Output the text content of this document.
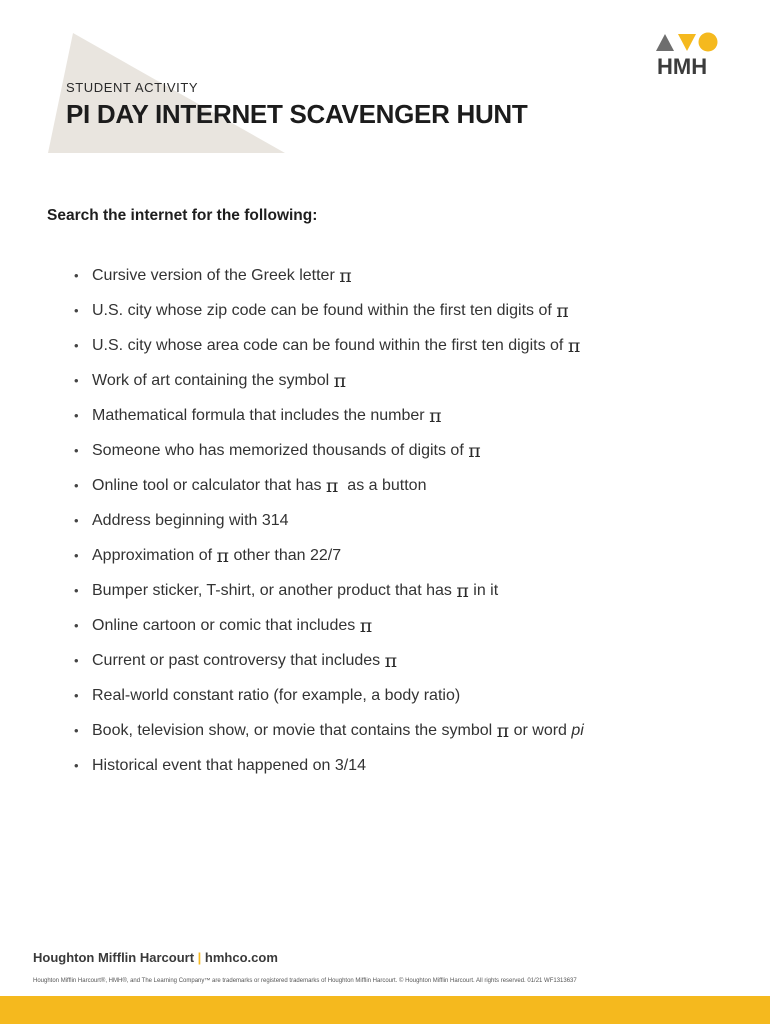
HMH
STUDENT ACTIVITY
PI DAY INTERNET SCAVENGER HUNT
Search the internet for the following:
• Cursive version of the Greek letter π
• U.S. city whose zip code can be found within the first ten digits of π
• U.S. city whose area code can be found within the first ten digits of π
• Work of art containing the symbol π
• Mathematical formula that includes the number π
• Someone who has memorized thousands of digits of π
• Online tool or calculator that has π as a button
• Address beginning with 314
• Approximation of π other than 22/7
• Bumper sticker, T-shirt, or another product that has π in it
• Online cartoon or comic that includes π
• Current or past controversy that includes π
• Real-world constant ratio (for example, a body ratio)
• Book, television show, or movie that contains the symbol π or word pi
• Historical event that happened on 3/14
Houghton Mifflin Harcourt | hmhco.com
Houghton Mifflin Harcourt®, HMH®, and The Learning Company™ are trademarks or registered trademarks of Houghton Mifflin Harcourt. © Houghton Mifflin Harcourt. All rights reserved. 01/21 WF1313637
